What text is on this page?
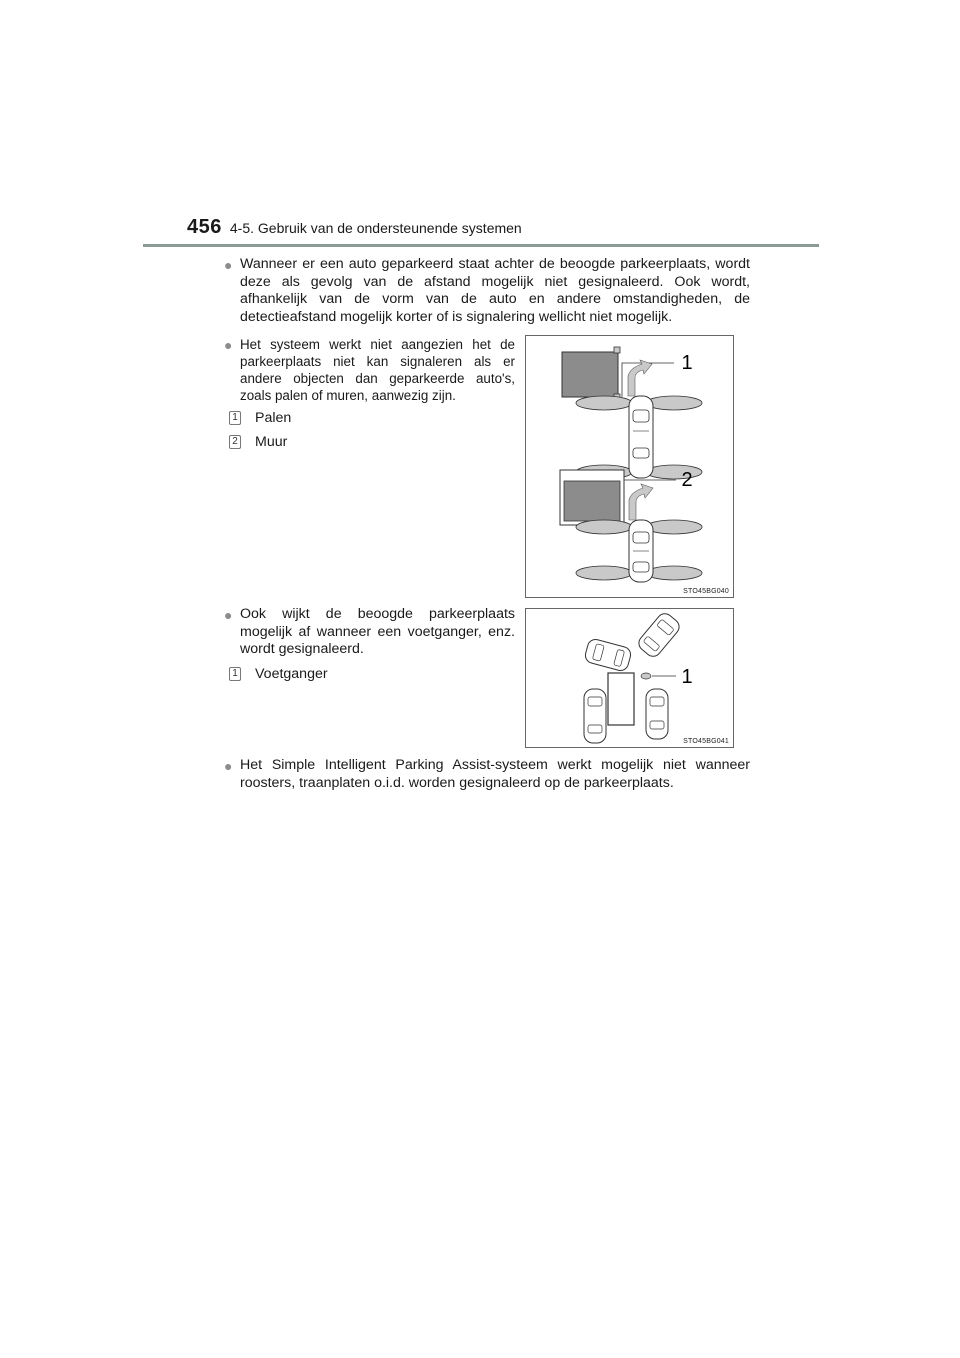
456 4-5. Gebruik van de ondersteunende systemen
● Wanneer er een auto geparkeerd staat achter de beoogde parkeerplaats, wordt deze als gevolg van de afstand mogelijk niet gesignaleerd. Ook wordt, afhankelijk van de vorm van de auto en andere omstandigheden, de detectieafstand mogelijk korter of is signalering wellicht niet mogelijk.
● Het systeem werkt niet aangezien het de parkeerplaats niet kan signaleren als er andere objecten dan geparkeerde auto's, zoals palen of muren, aanwezig zijn.
1 Palen
2 Muur
1
2
STO45BG040
● Ook wijkt de beoogde parkeerplaats mogelijk af wanneer een voetganger, enz. wordt gesignaleerd.
1 Voetganger	1
STO45BG041
● Het Simple Intelligent Parking Assist-systeem werkt mogelijk niet wanneer roosters, traanplaten o.i.d. worden gesignaleerd op de parkeerplaats.
